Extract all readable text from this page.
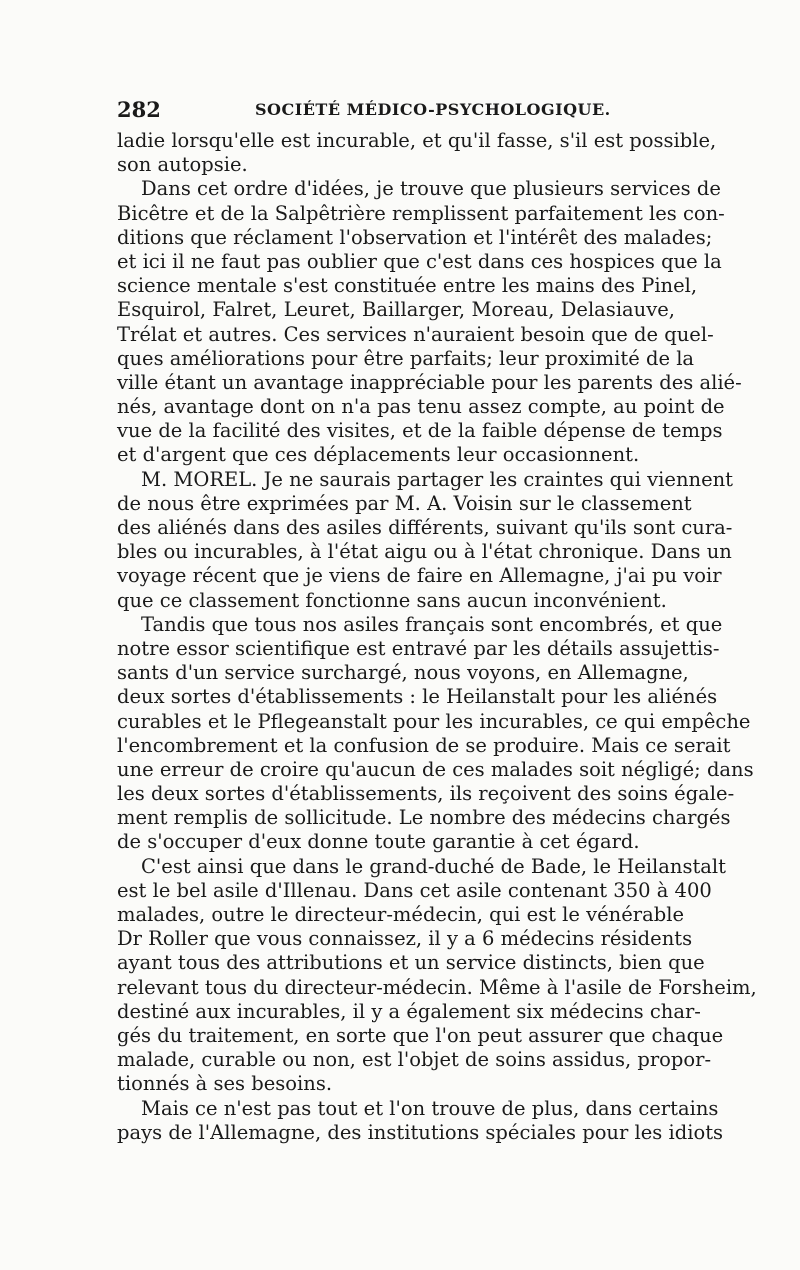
282	SOCIÉTÉ MÉDICO-PSYCHOLOGIQUE.
ladie lorsqu'elle est incurable, et qu'il fasse, s'il est possible,
son autopsie.
Dans cet ordre d'idées, je trouve que plusieurs services de
Bicêtre et de la Salpêtrière remplissent parfaitement les con-
ditions que réclament l'observation et l'intérêt des malades;
et ici il ne faut pas oublier que c'est dans ces hospices que la
science mentale s'est constituée entre les mains des Pinel,
Esquirol, Falret, Leuret, Baillarger, Moreau, Delasiauve,
Trélat et autres. Ces services n'auraient besoin que de quel-
ques améliorations pour être parfaits; leur proximité de la
ville étant un avantage inappréciable pour les parents des alié-
nés, avantage dont on n'a pas tenu assez compte, au point de
vue de la facilité des visites, et de la faible dépense de temps
et d'argent que ces déplacements leur occasionnent.
M. MOREL. Je ne saurais partager les craintes qui viennent
de nous être exprimées par M. A. Voisin sur le classement
des aliénés dans des asiles différents, suivant qu'ils sont cura-
bles ou incurables, à l'état aigu ou à l'état chronique. Dans un
voyage récent que je viens de faire en Allemagne, j'ai pu voir
que ce classement fonctionne sans aucun inconvénient.
Tandis que tous nos asiles français sont encombrés, et que
notre essor scientifique est entravé par les détails assujettis-
sants d'un service surchargé, nous voyons, en Allemagne,
deux sortes d'établissements : le Heilanstalt pour les aliénés
curables et le Pflegeanstalt pour les incurables, ce qui empêche
l'encombrement et la confusion de se produire. Mais ce serait
une erreur de croire qu'aucun de ces malades soit négligé; dans
les deux sortes d'établissements, ils reçoivent des soins égale-
ment remplis de sollicitude. Le nombre des médecins chargés
de s'occuper d'eux donne toute garantie à cet égard.
C'est ainsi que dans le grand-duché de Bade, le Heilanstalt
est le bel asile d'Illenau. Dans cet asile contenant 350 à 400
malades, outre le directeur-médecin, qui est le vénérable
Dr Roller que vous connaissez, il y a 6 médecins résidents
ayant tous des attributions et un service distincts, bien que
relevant tous du directeur-médecin. Même à l'asile de Forsheim,
destiné aux incurables, il y a également six médecins char-
gés du traitement, en sorte que l'on peut assurer que chaque
malade, curable ou non, est l'objet de soins assidus, propor-
tionnés à ses besoins.
Mais ce n'est pas tout et l'on trouve de plus, dans certains
pays de l'Allemagne, des institutions spéciales pour les idiots
